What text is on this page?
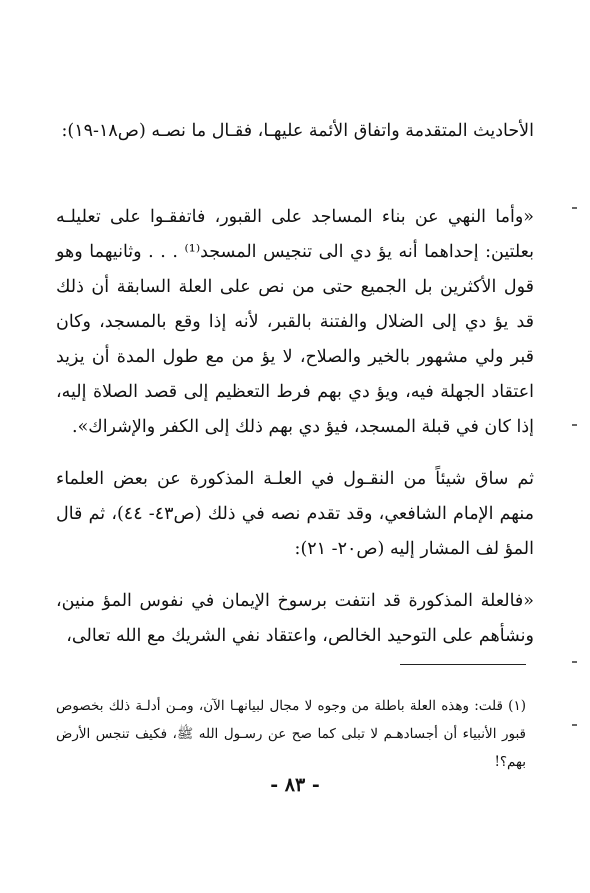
الأحاديث المتقدمة واتفاق الأئمة عليهـا، فقـال ما نصـه (ص١٨-١٩):

«وأما النهي عن بناء المساجد على القبور، فاتفقـوا على تعليلـه بعلتين: إحداهما أنه يؤ دي الى تنجيس المسجد⁽¹⁾ . . . وثانيهما وهو قول الأكثرين بل الجميع حتى من نص على العلة السابقة أن ذلك قد يؤ دي إلى الضلال والفتنة بالقبر، لأنه إذا وقع بالمسجد، وكان قبر ولي مشهور بالخير والصلاح، لا يؤ من مع طول المدة أن يزيد اعتقاد الجهلة فيه، ويؤ دي بهم فرط التعظيم إلى قصد الصلاة إليه، إذا كان في قبلة المسجد، فيؤ دي بهم ذلك إلى الكفر والإشراك».

ثم ساق شيئاً من النقـول في العلـة المذكورة عن بعض العلماء منهم الإمام الشافعي، وقد تقدم نصه في ذلك (ص٤٣- ٤٤)، ثم قال المؤ لف المشار إليه (ص٢٠- ٢١):

«فالعلة المذكورة قد انتفت برسوخ الإيمان في نفوس المؤ منين، ونشأهم على التوحيد الخالص، واعتقاد نفي الشريك مع الله تعالى،

(١) قلت: وهذه العلة باطلة من وجوه لا مجال لبيانهـا الآن، ومـن أدلـة ذلك بخصوص قبور الأنبياء أن أجسادهـم لا تبلى كما صح عن رسـول الله ﷺ، فكيف تنجس الأرض بهم؟!

- ٨٣ -
